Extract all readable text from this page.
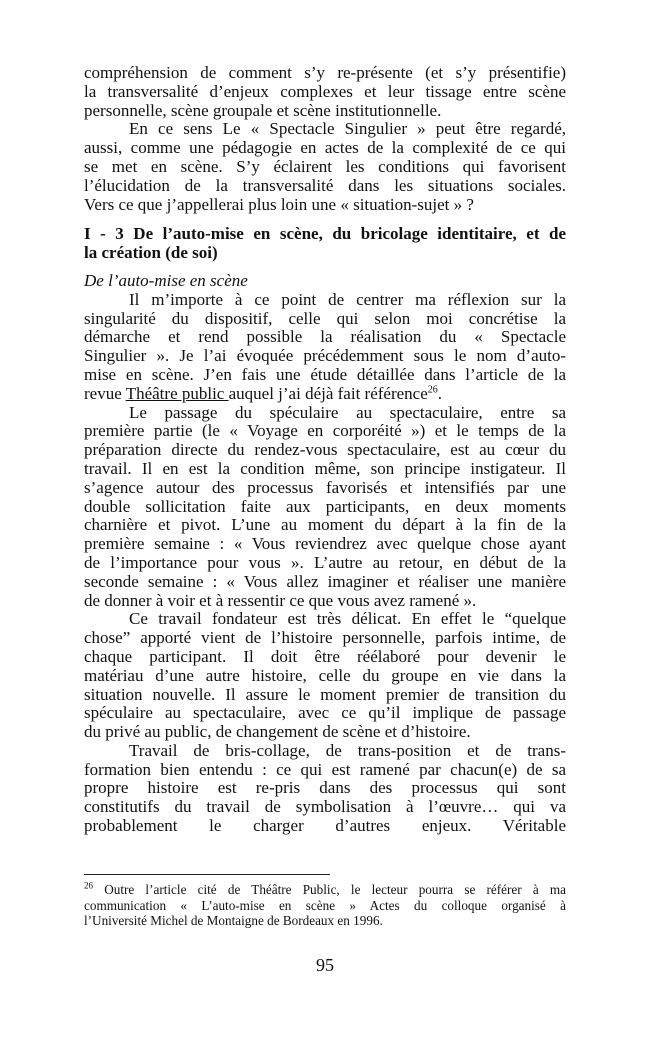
compréhension de comment s’y re-présente (et s’y présentifie)
la transversalité d’enjeux complexes et leur tissage entre scène
personnelle, scène groupale et scène institutionnelle.
En ce sens Le « Spectacle Singulier » peut être regardé,
aussi, comme une pédagogie en actes de la complexité de ce qui
se met en scène. S’y éclairent les conditions qui favorisent
l’élucidation de la transversalité dans les situations sociales.
Vers ce que j’appellerai plus loin une « situation-sujet » ?
I - 3 De l’auto-mise en scène, du bricolage identitaire, et de
la création (de soi)
De l’auto-mise en scène
Il m’importe à ce point de centrer ma réflexion sur la
singularité du dispositif, celle qui selon moi concrétise la
démarche et rend possible la réalisation du « Spectacle
Singulier ». Je l’ai évoquée précédemment sous le nom d’auto-
mise en scène. J’en fais une étude détaillée dans l’article de la
revue Théâtre public auquel j’ai déjà fait référence$^{26}$.
Le passage du spéculaire au spectaculaire, entre sa
première partie (le « Voyage en corporéité ») et le temps de la
préparation directe du rendez-vous spectaculaire, est au cœur du
travail. Il en est la condition même, son principe instigateur. Il
s’agence autour des processus favorisés et intensifiés par une
double sollicitation faite aux participants, en deux moments
charnière et pivot. L’une au moment du départ à la fin de la
première semaine : « Vous reviendrez avec quelque chose ayant
de l’importance pour vous ». L’autre au retour, en début de la
seconde semaine : « Vous allez imaginer et réaliser une manière
de donner à voir et à ressentir ce que vous avez ramené ».
Ce travail fondateur est très délicat. En effet le “quelque
chose” apporté vient de l’histoire personnelle, parfois intime, de
chaque participant. Il doit être réélaboré pour devenir le
matériau d’une autre histoire, celle du groupe en vie dans la
situation nouvelle. Il assure le moment premier de transition du
spéculaire au spectaculaire, avec ce qu’il implique de passage
du privé au public, de changement de scène et d’histoire.
Travail de bris-collage, de trans-position et de trans-
formation bien entendu : ce qui est ramené par chacun(e) de sa
propre histoire est re-pris dans des processus qui sont
constitutifs du travail de symbolisation à l’œuvre… qui va
probablement le charger d’autres enjeux. Véritable
$^{26}$ Outre l’article cité de Théâtre Public, le lecteur pourra se référer à ma
communication « L’auto-mise en scène » Actes du colloque organisé à
l’Université Michel de Montaigne de Bordeaux en 1996.
95
